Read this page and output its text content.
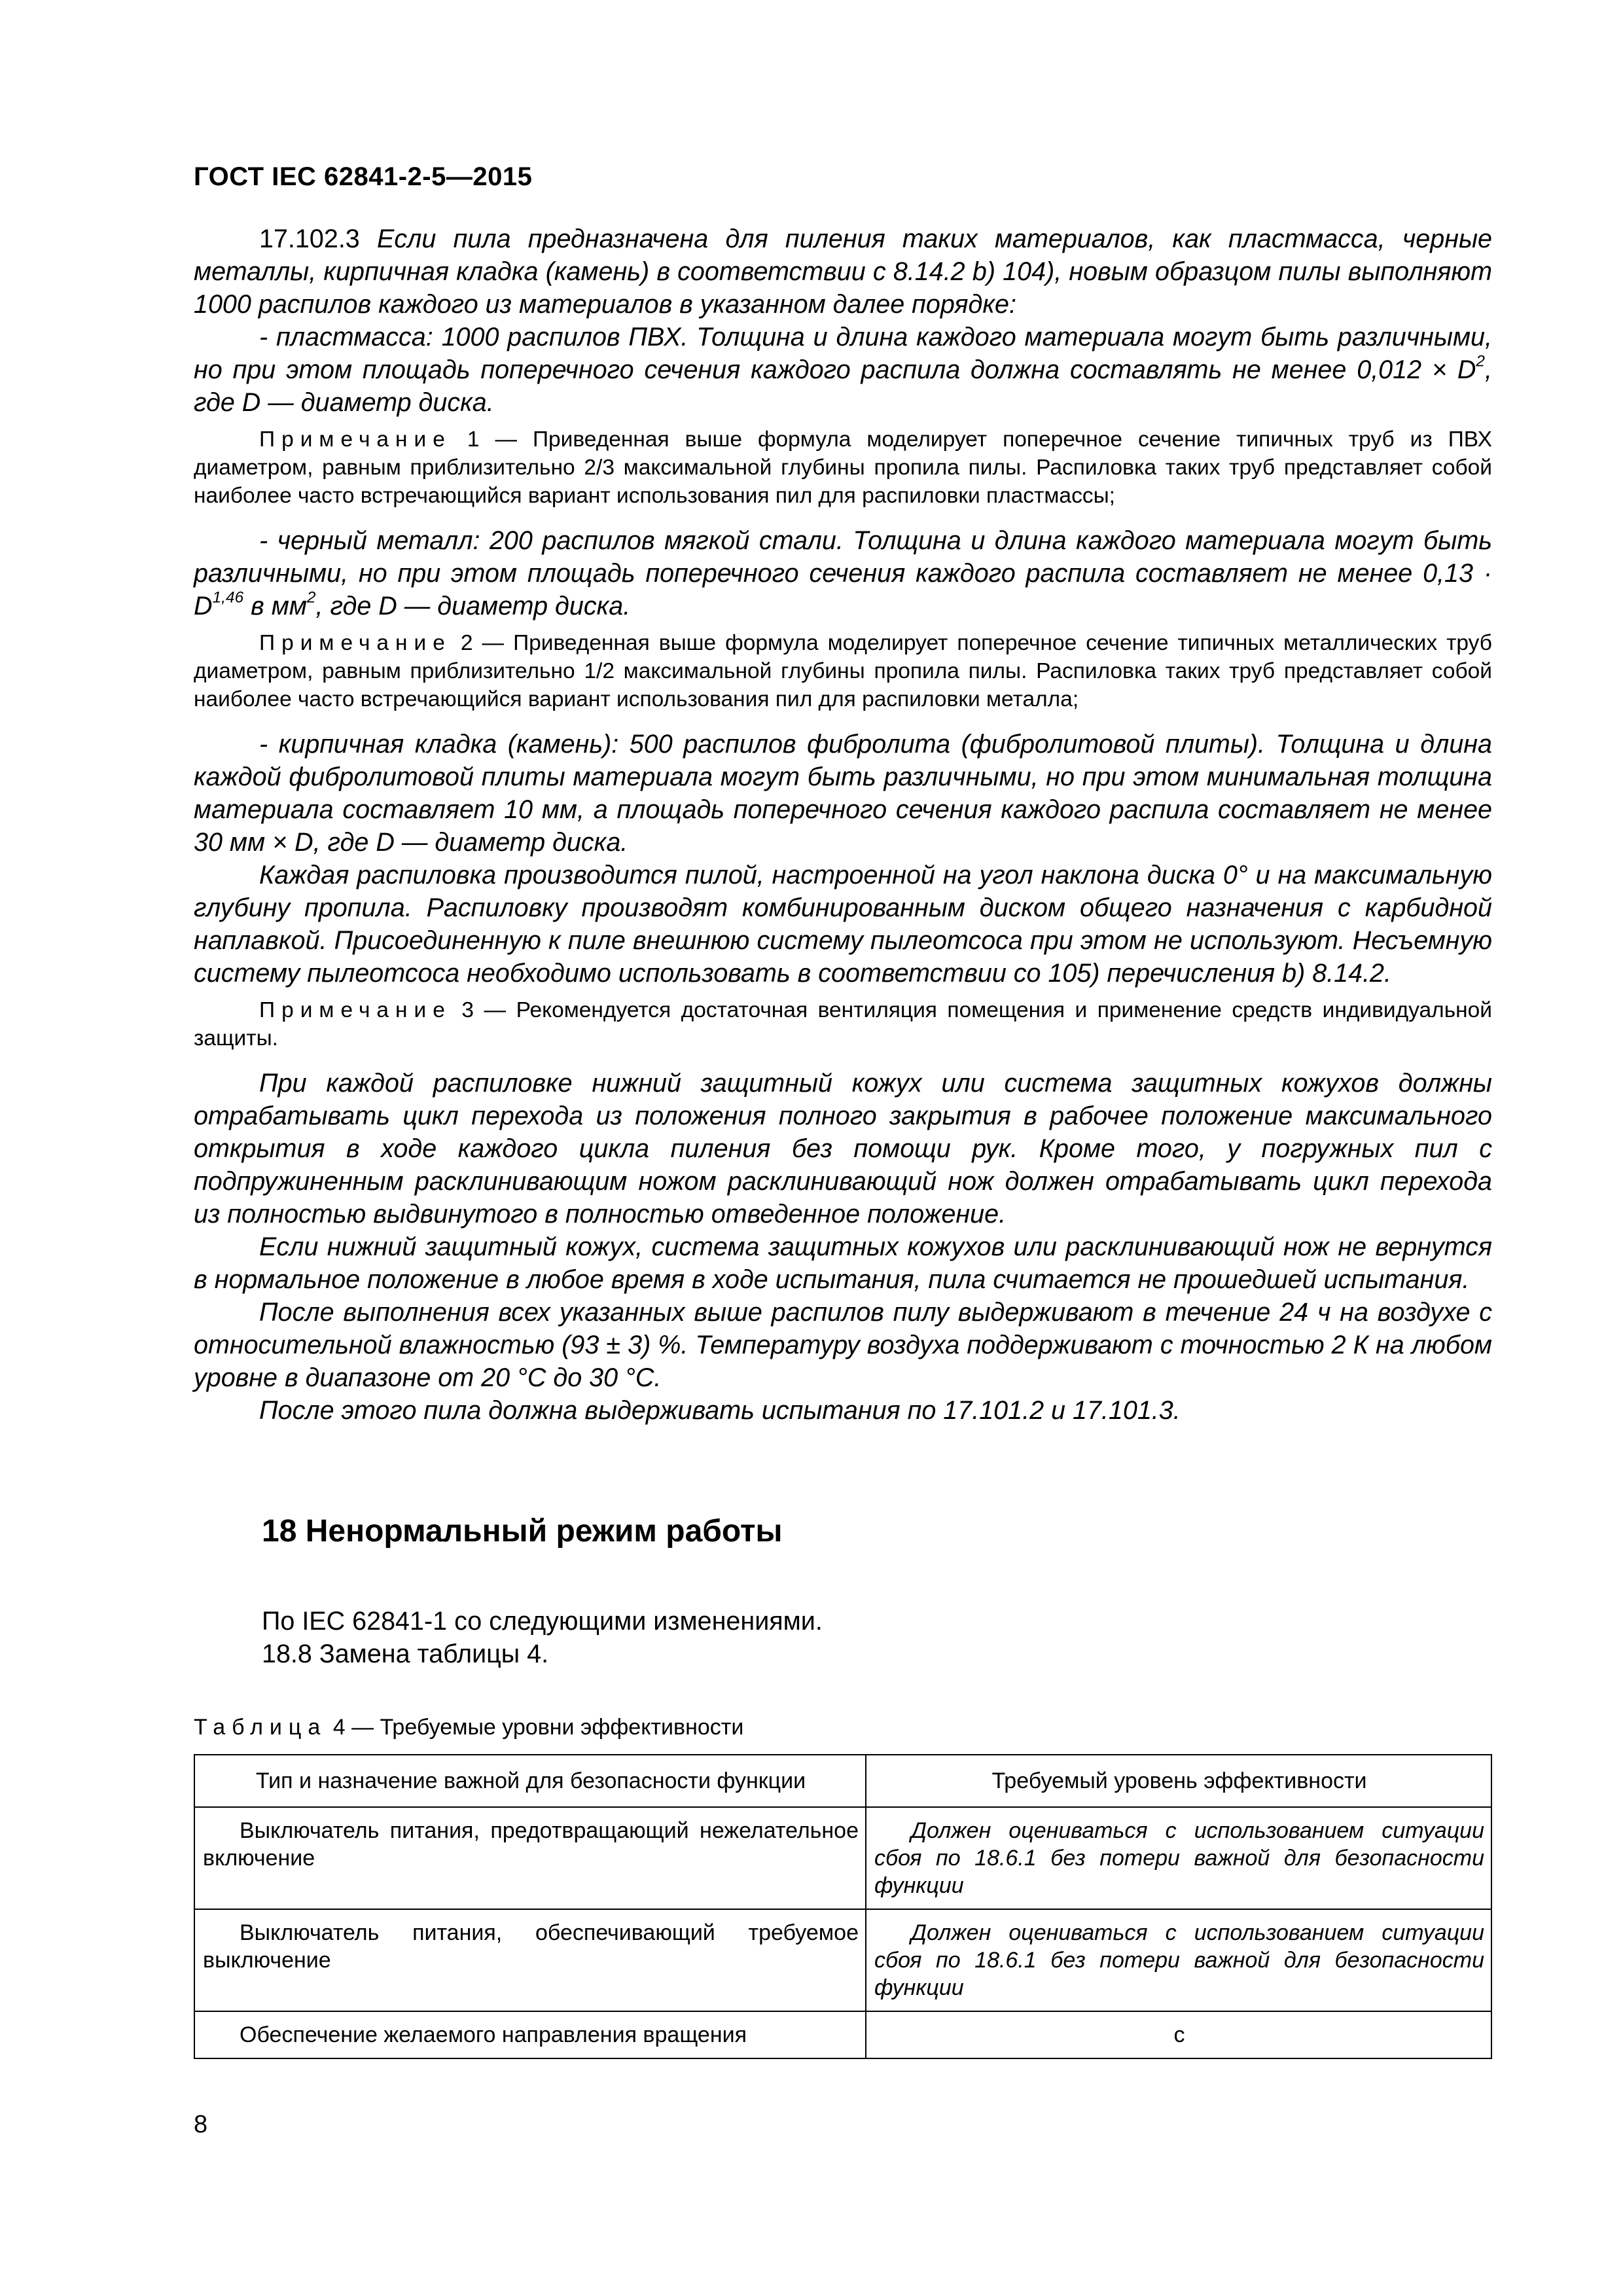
ГОСТ IEC 62841-2-5—2015

17.102.3 Если пила предназначена для пиления таких материалов, как пластмасса, черные металлы, кирпичная кладка (камень) в соответствии с 8.14.2 b) 104), новым образцом пилы выполняют 1000 распилов каждого из материалов в указанном далее порядке:

- пластмасса: 1000 распилов ПВХ. Толщина и длина каждого материала могут быть различными, но при этом площадь поперечного сечения каждого распила должна составлять не менее $0,012 \times D^2$, где D — диаметр диска.

Примечание 1 — Приведенная выше формула моделирует поперечное сечение типичных труб из ПВХ диаметром, равным приблизительно 2/3 максимальной глубины пропила пилы. Распиловка таких труб представляет собой наиболее часто встречающийся вариант использования пил для распиловки пластмассы;

- черный металл: 200 распилов мягкой стали. Толщина и длина каждого материала могут быть различными, но при этом площадь поперечного сечения каждого распила составляет не менее 0,13 · D$^{1,46}$ в $мм^2$, где D — диаметр диска.

Примечание 2 — Приведенная выше формула моделирует поперечное сечение типичных металлических труб диаметром, равным приблизительно 1/2 максимальной глубины пропила пилы. Распиловка таких труб представляет собой наиболее часто встречающийся вариант использования пил для распиловки металла;

- кирпичная кладка (камень): 500 распилов фибролита (фибролитовой плиты). Толщина и длина каждой фибролитовой плиты материала могут быть различными, но при этом минимальная толщина материала составляет 10 мм, а площадь поперечного сечения каждого распила составляет не менее 30 мм × D, где D — диаметр диска.

Каждая распиловка производится пилой, настроенной на угол наклона диска 0° и на максимальную глубину пропила. Распиловку производят комбинированным диском общего назначения с карбидной наплавкой. Присоединенную к пиле внешнюю систему пылеотсоса при этом не используют. Несъемную систему пылеотсоса необходимо использовать в соответствии со 105) перечисления b) 8.14.2.

Примечание 3 — Рекомендуется достаточная вентиляция помещения и применение средств индивидуальной защиты.

При каждой распиловке нижний защитный кожух или система защитных кожухов должны отрабатывать цикл перехода из положения полного закрытия в рабочее положение максимального открытия в ходе каждого цикла пиления без помощи рук. Кроме того, у погружных пил с подпружиненным расклинивающим ножом расклинивающий нож должен отрабатывать цикл перехода из полностью выдвинутого в полностью отведенное положение.

Если нижний защитный кожух, система защитных кожухов или расклинивающий нож не вернутся в нормальное положение в любое время в ходе испытания, пила считается не прошедшей испытания.

После выполнения всех указанных выше распилов пилу выдерживают в течение 24 ч на воздухе с относительной влажностью (93 ± 3) %. Температуру воздуха поддерживают с точностью 2 К на любом уровне в диапазоне от 20 °С до 30 °С.

После этого пила должна выдерживать испытания по 17.101.2 и 17.101.3.

18 Ненормальный режим работы
По IEC 62841-1 со следующими изменениями.
18.8 Замена таблицы 4.
Таблица 4 — Требуемые уровни эффективности
Тип и назначение важной для безопасности функции	Требуемый уровень эффективности
Выключатель питания, предотвращающий нежелательное включение	Должен оцениваться с использованием ситуации сбоя по 18.6.1 без потери важной для безопасности функции
Выключатель питания, обеспечивающий требуемое выключение	Должен оцениваться с использованием ситуации сбоя по 18.6.1 без потери важной для безопасности функции
Обеспечение желаемого направления вращения	c
8
